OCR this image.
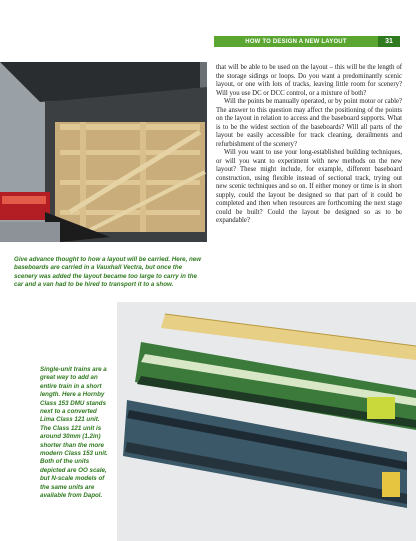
HOW TO DESIGN A NEW LAYOUT	31
Give advance thought to how a layout will be carried. Here, new baseboards are carried in a Vauxhall Vectra, but once the scenery was added the layout became too large to carry in the car and a van had to be hired to transport it to a show.

that will be able to be used on the layout – this will be the length of the storage sidings or loops. Do you want a predominantly scenic layout, or one with lots of tracks, leaving little room for scenery? Will you use DC or DCC control, or a mixture of both?

Will the points be manually operated, or by point motor or cable? The answer to this question may affect the positioning of the points on the layout in relation to access and the baseboard supports. What is to be the widest section of the baseboards? Will all parts of the layout be easily accessible for track cleaning, derailments and refurbishment of the scenery?

Will you want to use your long-established building techniques, or will you want to experiment with new methods on the new layout? These might include, for example, different baseboard construction, using flexible instead of sectional track, trying out new scenic techniques and so on. If either money or time is in short supply, could the layout be designed so that part of it could be completed and then when resources are forthcoming the next stage could be built? Could the layout be designed so as to be expandable?

Single-unit trains are a great way to add an entire train in a short length. Here a Hornby Class 153 DMU stands next to a converted Lima Class 121 unit. The Class 121 unit is around 30mm (1.2in) shorter than the more modern Class 153 unit. Both of the units depicted are OO scale, but N-scale models of the same units are available from Dapol.
